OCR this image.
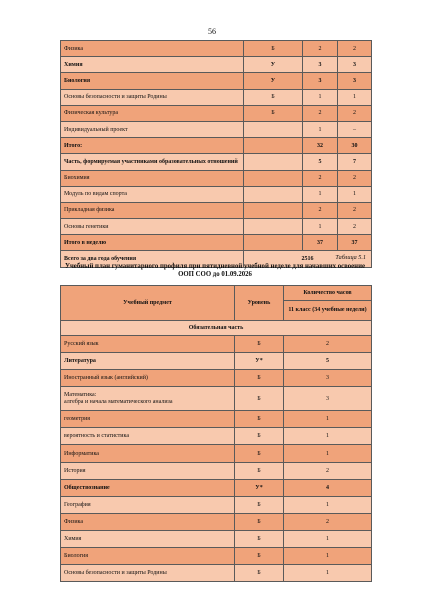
56
Физика	Б	2	2
Химия	У	3	3
Биология	У	3	3
Основы безопасности и защиты Родины	Б	1	1
Физическая культура	Б	2	2
Индивидуальный проект		1	–
Итого:		32	30
Часть, формируемая участниками образовательных отношений		5	7
Биохимия		2	2
Модуль по видам спорта		1	1
Прикладная физика		2	2
Основы генетики		1	2
Итого в неделю		37	37
Всего за два года обучения	2516			Таблица 5.1
Учебный план гуманитарного профиля при пятидневной учебной неделе для начавших освоение ООП СОО до 01.09.2026
Учебный предмет	Уровень	Количество часов
		11 класс (34 учебные недели)
Обязательная часть		
Русский язык	Б	2
Литература	У*	5
Иностранный язык (английский)	Б	3

Математика:
алгебра и начала математического анализа	Б	3
геометрия	Б	1
вероятность и статистика	Б	1
Информатика	Б	1
История	Б	2
Обществознание	У*	4
География	Б	1
Физика	Б	2
Химия	Б	1
Биология	Б	1
Основы безопасности и защиты Родины	Б	1
